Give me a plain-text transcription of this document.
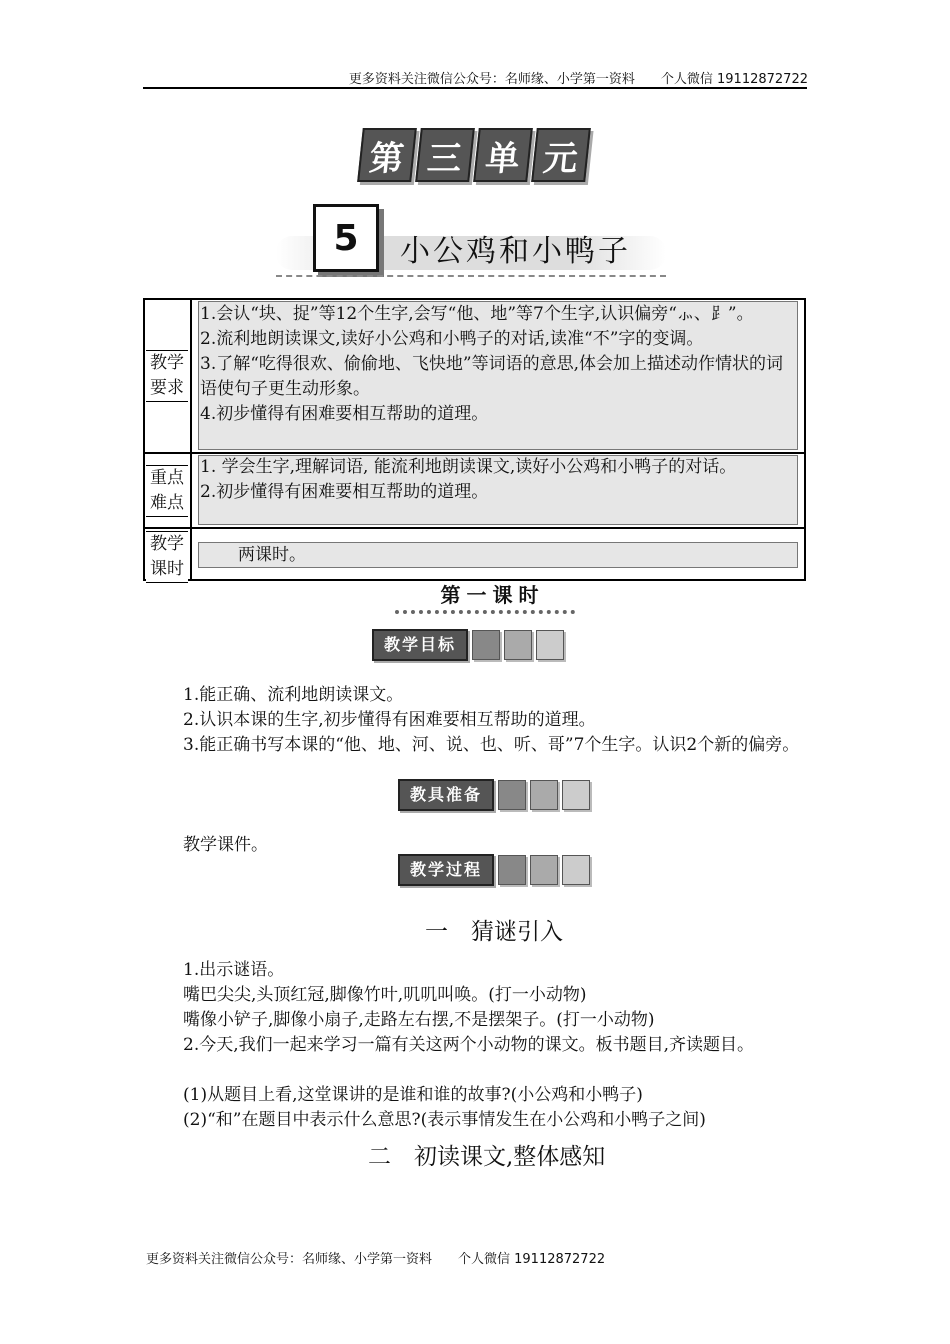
更多资料关注微信公众号：名师缘、小学第一资料　　个人微信 19112872722
第 三 单 元
5	小公鸡和小鸭子
教学要求
1.会认“块、捉”等12个生字,会写“他、地”等7个生字,认识偏旁“⺗、⻊”。
2.流利地朗读课文,读好小公鸡和小鸭子的对话,读准“不”字的变调。
3.了解“吃得很欢、偷偷地、飞快地”等词语的意思,体会加上描述动作情状的词语使句子更生动形象。
4.初步懂得有困难要相互帮助的道理。
重点难点
1. 学会生字,理解词语, 能流利地朗读课文,读好小公鸡和小鸭子的对话。
2.初步懂得有困难要相互帮助的道理。
教学课时
两课时。
第一课时
教学目标
1.能正确、流利地朗读课文。
2.认识本课的生字,初步懂得有困难要相互帮助的道理。
3.能正确书写本课的“他、地、河、说、也、听、哥”7个生字。认识2个新的偏旁。
教具准备
教学课件。
教学过程
一　猜谜引入
1.出示谜语。
嘴巴尖尖,头顶红冠,脚像竹叶,叽叽叫唤。(打一小动物)
嘴像小铲子,脚像小扇子,走路左右摆,不是摆架子。(打一小动物)
2.今天,我们一起来学习一篇有关这两个小动物的课文。板书题目,齐读题目。
(1)从题目上看,这堂课讲的是谁和谁的故事?(小公鸡和小鸭子)
(2)“和”在题目中表示什么意思?(表示事情发生在小公鸡和小鸭子之间)
二　初读课文,整体感知
更多资料关注微信公众号：名师缘、小学第一资料　　个人微信 19112872722
